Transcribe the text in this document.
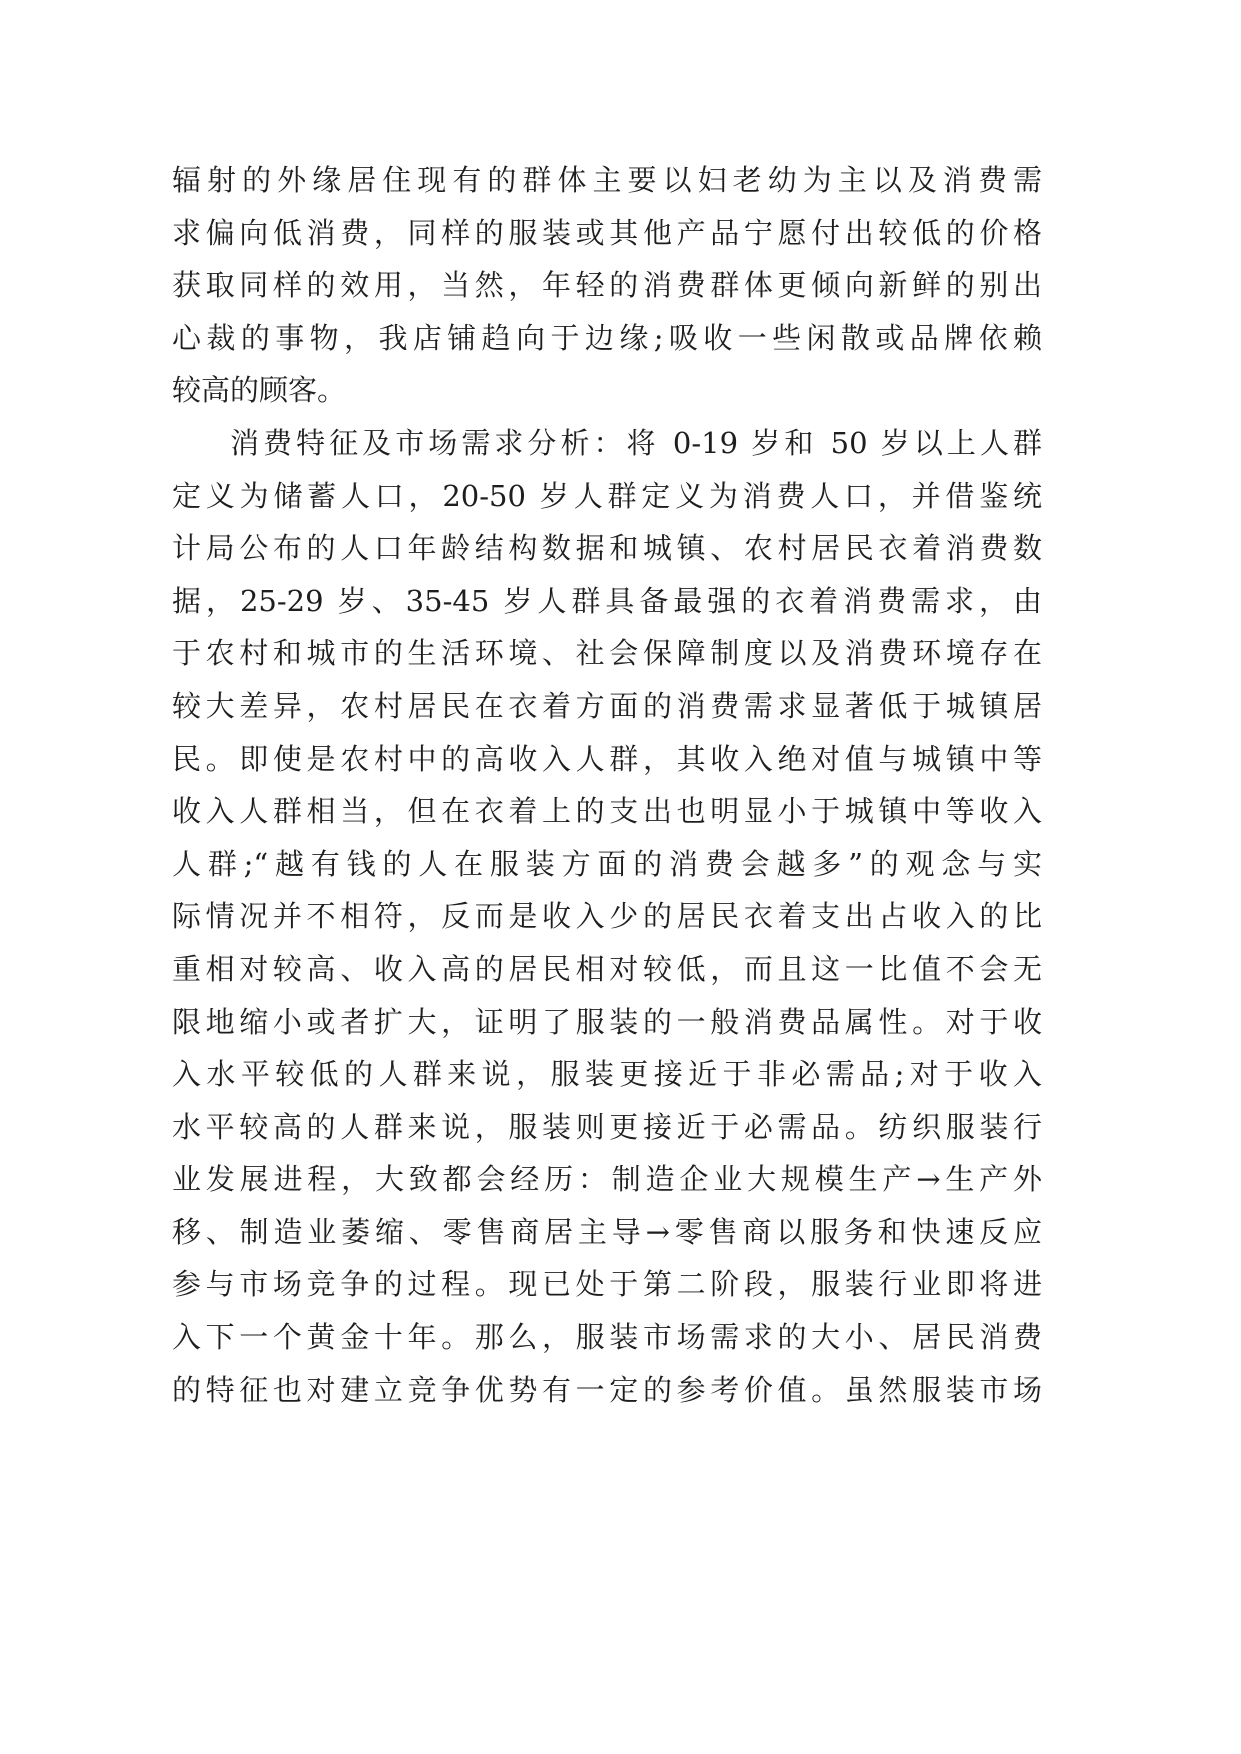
辐射的外缘居住现有的群体主要以妇老幼为主以及消费需
求偏向低消费，同样的服装或其他产品宁愿付出较低的价格
获取同样的效用，当然，年轻的消费群体更倾向新鲜的别出
心裁的事物，我店铺趋向于边缘;吸收一些闲散或品牌依赖
较高的顾客。
消费特征及市场需求分析：将 0-19 岁和 50 岁以上人群
定义为储蓄人口，20-50 岁人群定义为消费人口，并借鉴统
计局公布的人口年龄结构数据和城镇、农村居民衣着消费数
据，25-29 岁、35-45 岁人群具备最强的衣着消费需求，由
于农村和城市的生活环境、社会保障制度以及消费环境存在
较大差异，农村居民在衣着方面的消费需求显著低于城镇居
民。即使是农村中的高收入人群，其收入绝对值与城镇中等
收入人群相当，但在衣着上的支出也明显小于城镇中等收入
人群;“越有钱的人在服装方面的消费会越多”的观念与实
际情况并不相符，反而是收入少的居民衣着支出占收入的比
重相对较高、收入高的居民相对较低，而且这一比值不会无
限地缩小或者扩大，证明了服装的一般消费品属性。对于收
入水平较低的人群来说，服装更接近于非必需品;对于收入
水平较高的人群来说，服装则更接近于必需品。纺织服装行
业发展进程，大致都会经历：制造企业大规模生产→生产外
移、制造业萎缩、零售商居主导→零售商以服务和快速反应
参与市场竞争的过程。现已处于第二阶段，服装行业即将进
入下一个黄金十年。那么，服装市场需求的大小、居民消费
的特征也对建立竞争优势有一定的参考价值。虽然服装市场
